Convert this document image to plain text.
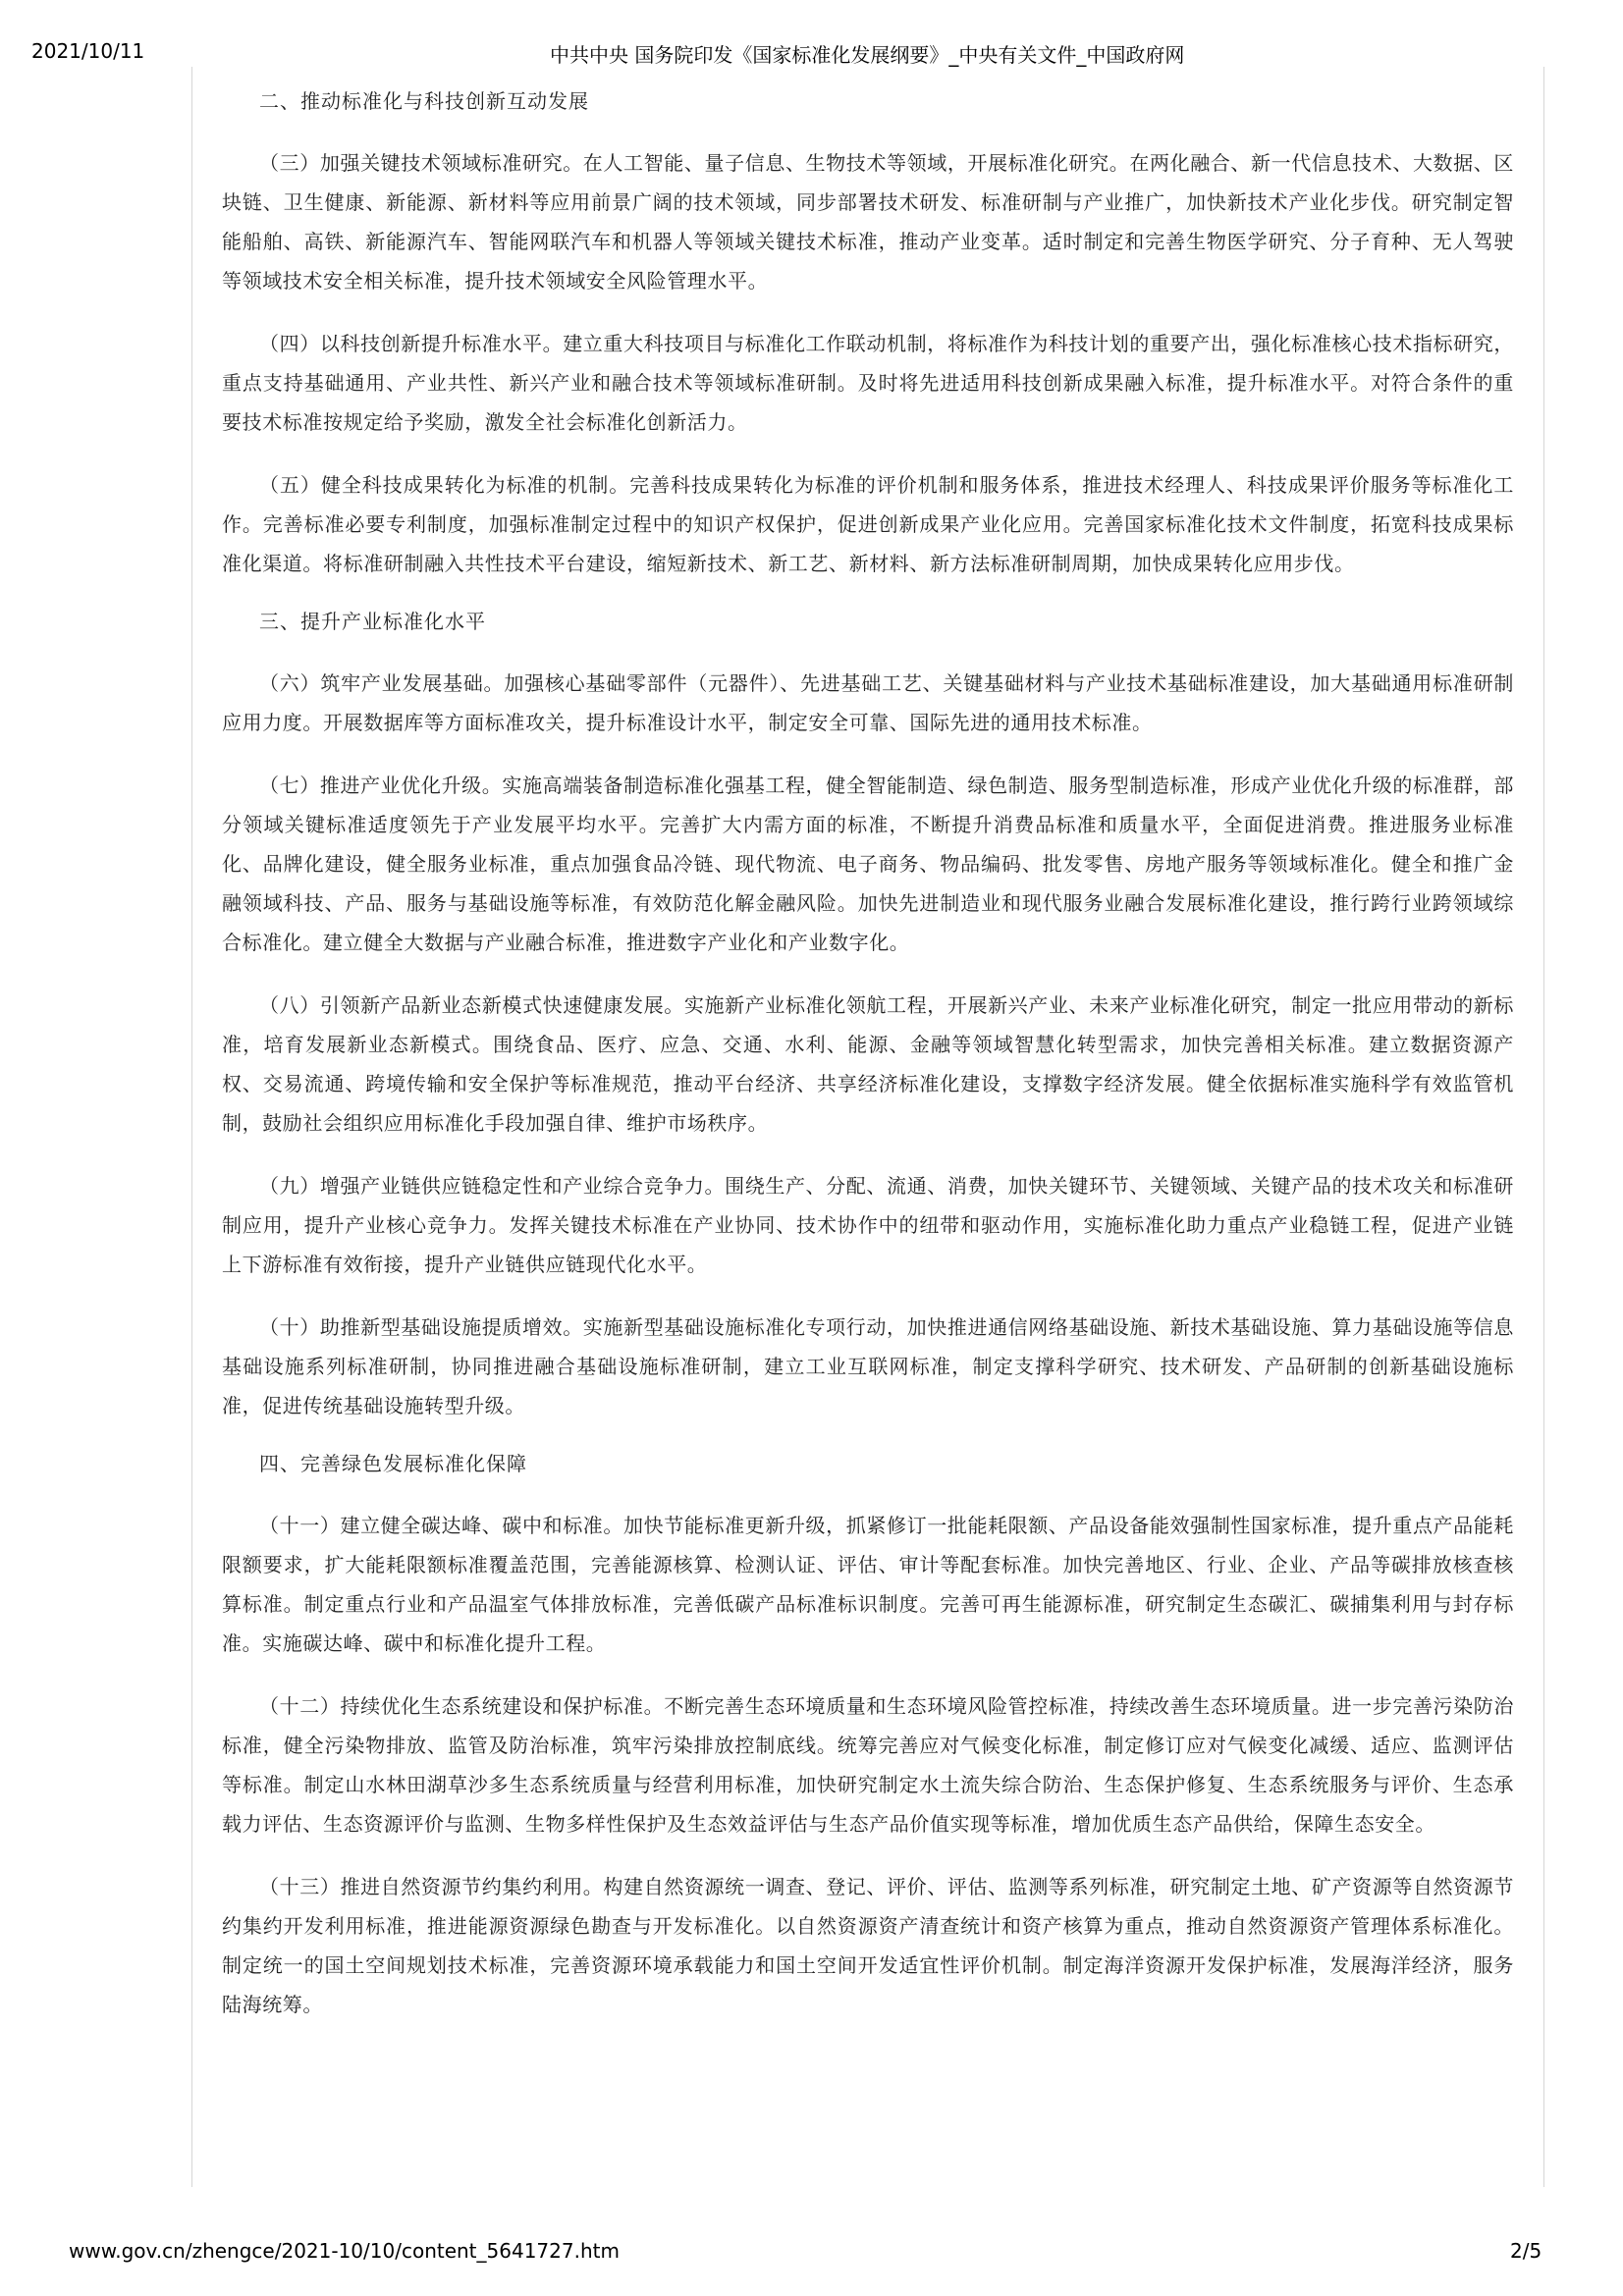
2021/10/11	中共中央 国务院印发《国家标准化发展纲要》_中央有关文件_中国政府网
二、推动标准化与科技创新互动发展

（三）加强关键技术领域标准研究。在人工智能、量子信息、生物技术等领域，开展标准化研究。在两化融合、新一代信息技术、大数据、区块链、卫生健康、新能源、新材料等应用前景广阔的技术领域，同步部署技术研发、标准研制与产业推广，加快新技术产业化步伐。研究制定智能船舶、高铁、新能源汽车、智能网联汽车和机器人等领域关键技术标准，推动产业变革。适时制定和完善生物医学研究、分子育种、无人驾驶等领域技术安全相关标准，提升技术领域安全风险管理水平。

（四）以科技创新提升标准水平。建立重大科技项目与标准化工作联动机制，将标准作为科技计划的重要产出，强化标准核心技术指标研究，重点支持基础通用、产业共性、新兴产业和融合技术等领域标准研制。及时将先进适用科技创新成果融入标准，提升标准水平。对符合条件的重要技术标准按规定给予奖励，激发全社会标准化创新活力。

（五）健全科技成果转化为标准的机制。完善科技成果转化为标准的评价机制和服务体系，推进技术经理人、科技成果评价服务等标准化工作。完善标准必要专利制度，加强标准制定过程中的知识产权保护，促进创新成果产业化应用。完善国家标准化技术文件制度，拓宽科技成果标准化渠道。将标准研制融入共性技术平台建设，缩短新技术、新工艺、新材料、新方法标准研制周期，加快成果转化应用步伐。

三、提升产业标准化水平

（六）筑牢产业发展基础。加强核心基础零部件（元器件）、先进基础工艺、关键基础材料与产业技术基础标准建设，加大基础通用标准研制应用力度。开展数据库等方面标准攻关，提升标准设计水平，制定安全可靠、国际先进的通用技术标准。

（七）推进产业优化升级。实施高端装备制造标准化强基工程，健全智能制造、绿色制造、服务型制造标准，形成产业优化升级的标准群，部分领域关键标准适度领先于产业发展平均水平。完善扩大内需方面的标准，不断提升消费品标准和质量水平，全面促进消费。推进服务业标准化、品牌化建设，健全服务业标准，重点加强食品冷链、现代物流、电子商务、物品编码、批发零售、房地产服务等领域标准化。健全和推广金融领域科技、产品、服务与基础设施等标准，有效防范化解金融风险。加快先进制造业和现代服务业融合发展标准化建设，推行跨行业跨领域综合标准化。建立健全大数据与产业融合标准，推进数字产业化和产业数字化。

（八）引领新产品新业态新模式快速健康发展。实施新产业标准化领航工程，开展新兴产业、未来产业标准化研究，制定一批应用带动的新标准，培育发展新业态新模式。围绕食品、医疗、应急、交通、水利、能源、金融等领域智慧化转型需求，加快完善相关标准。建立数据资源产权、交易流通、跨境传输和安全保护等标准规范，推动平台经济、共享经济标准化建设，支撑数字经济发展。健全依据标准实施科学有效监管机制，鼓励社会组织应用标准化手段加强自律、维护市场秩序。

（九）增强产业链供应链稳定性和产业综合竞争力。围绕生产、分配、流通、消费，加快关键环节、关键领域、关键产品的技术攻关和标准研制应用，提升产业核心竞争力。发挥关键技术标准在产业协同、技术协作中的纽带和驱动作用，实施标准化助力重点产业稳链工程，促进产业链上下游标准有效衔接，提升产业链供应链现代化水平。

（十）助推新型基础设施提质增效。实施新型基础设施标准化专项行动，加快推进通信网络基础设施、新技术基础设施、算力基础设施等信息基础设施系列标准研制，协同推进融合基础设施标准研制，建立工业互联网标准，制定支撑科学研究、技术研发、产品研制的创新基础设施标准，促进传统基础设施转型升级。

四、完善绿色发展标准化保障

（十一）建立健全碳达峰、碳中和标准。加快节能标准更新升级，抓紧修订一批能耗限额、产品设备能效强制性国家标准，提升重点产品能耗限额要求，扩大能耗限额标准覆盖范围，完善能源核算、检测认证、评估、审计等配套标准。加快完善地区、行业、企业、产品等碳排放核查核算标准。制定重点行业和产品温室气体排放标准，完善低碳产品标准标识制度。完善可再生能源标准，研究制定生态碳汇、碳捕集利用与封存标准。实施碳达峰、碳中和标准化提升工程。

（十二）持续优化生态系统建设和保护标准。不断完善生态环境质量和生态环境风险管控标准，持续改善生态环境质量。进一步完善污染防治标准，健全污染物排放、监管及防治标准，筑牢污染排放控制底线。统筹完善应对气候变化标准，制定修订应对气候变化减缓、适应、监测评估等标准。制定山水林田湖草沙多生态系统质量与经营利用标准，加快研究制定水土流失综合防治、生态保护修复、生态系统服务与评价、生态承载力评估、生态资源评价与监测、生物多样性保护及生态效益评估与生态产品价值实现等标准，增加优质生态产品供给，保障生态安全。

（十三）推进自然资源节约集约利用。构建自然资源统一调查、登记、评价、评估、监测等系列标准，研究制定土地、矿产资源等自然资源节约集约开发利用标准，推进能源资源绿色勘查与开发标准化。以自然资源资产清查统计和资产核算为重点，推动自然资源资产管理体系标准化。制定统一的国土空间规划技术标准，完善资源环境承载能力和国土空间开发适宜性评价机制。制定海洋资源开发保护标准，发展海洋经济，服务陆海统筹。

www.gov.cn/zhengce/2021-10/10/content_5641727.htm	2/5
